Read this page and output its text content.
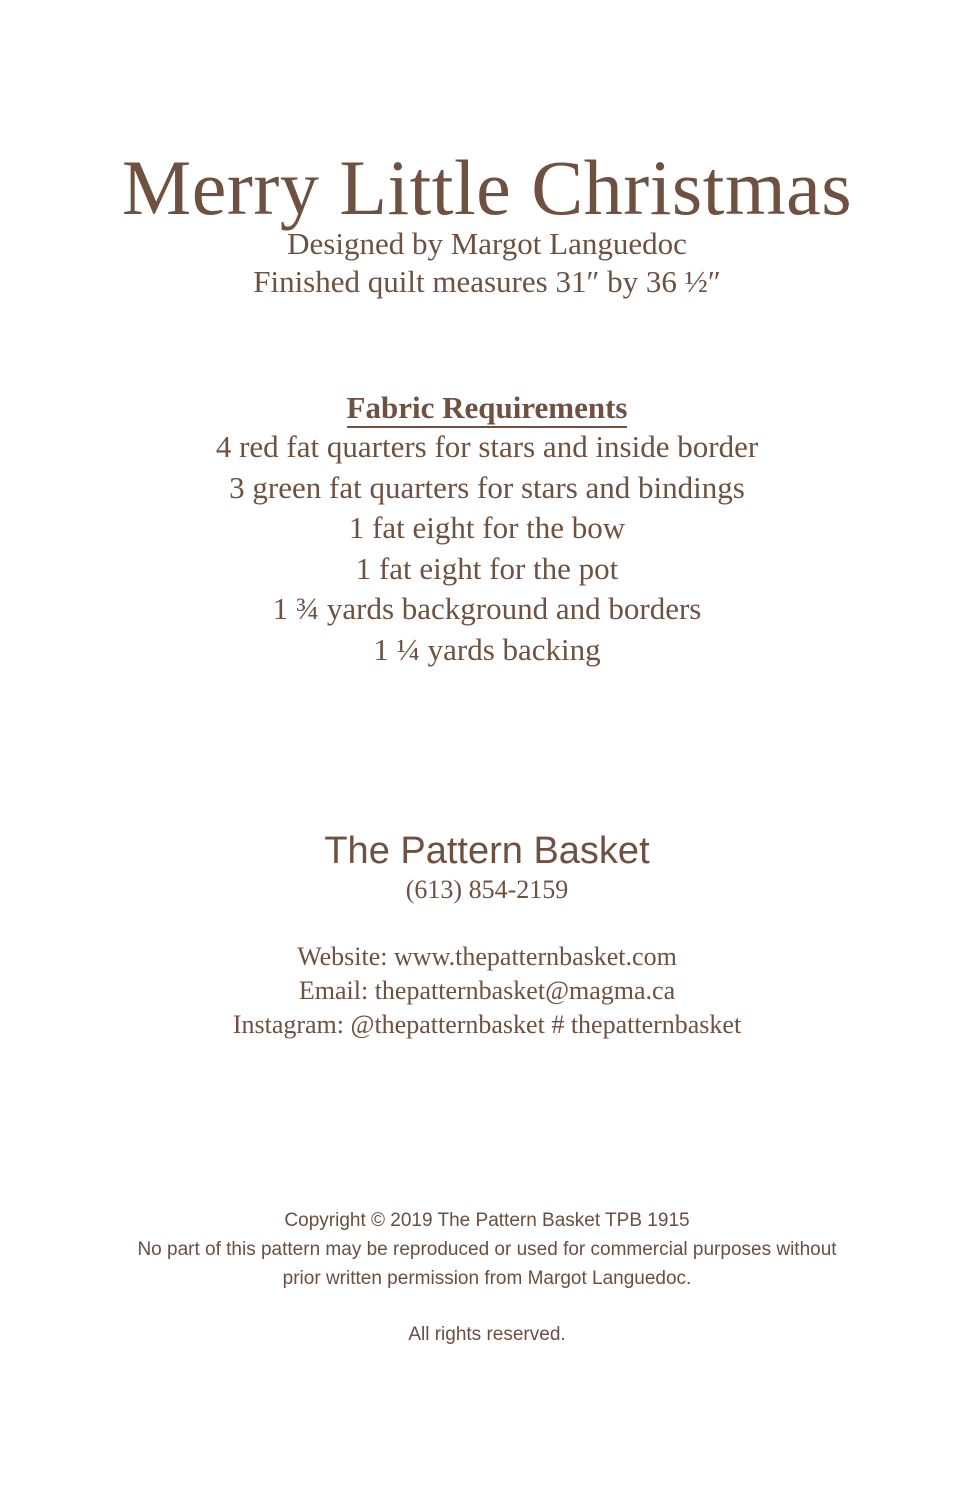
Merry Little Christmas

Designed by Margot Languedoc

Finished quilt measures 31″ by 36 ½″

Fabric Requirements
4 red fat quarters for stars and inside border
3 green fat quarters for stars and bindings
1 fat eight for the bow
1 fat eight for the pot
1 ¾ yards background and borders
1 ¼ yards backing

The Pattern Basket

(613) 854-2159

Website: www.thepatternbasket.com

Email: thepatternbasket@magma.ca

Instagram: @thepatternbasket # thepatternbasket

Copyright © 2019 The Pattern Basket TPB 1915

No part of this pattern may be reproduced or used for commercial purposes without

prior written permission from Margot Languedoc.

All rights reserved.
